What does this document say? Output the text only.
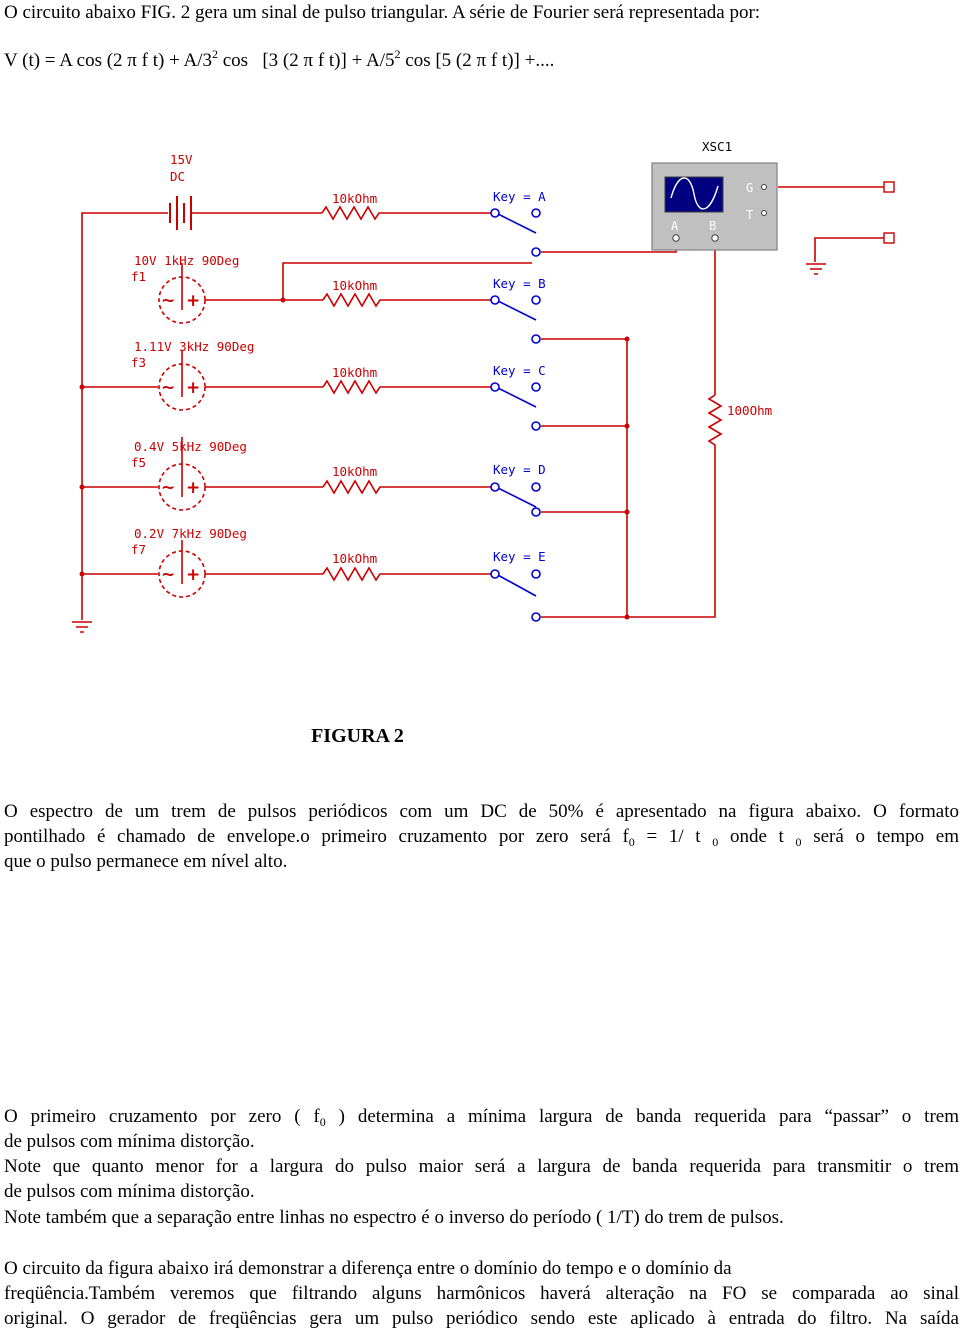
O circuito abaixo FIG. 2 gera um sinal de pulso triangular. A série de Fourier será representada por:
V (t) = A cos (2 π f $t) + A/3^2$ cos   [3 (2 π f $t)] + A/5^2$ cos [5 (2 π f t)] +....
15V
DC
10kOhm
10kOhm
10kOhm
10kOhm
10kOhm
100Ohm
Key = A
Key = B
Key = C
Key = D
Key = E
~ +
~ +
~ +
~ +
10V 1kHz 90Deg
f1
1.11V 3kHz 90Deg
f3
0.4V 5kHz 90Deg
f5
0.2V 7kHz 90Deg
f7
XSC1
G
T
A	B
FIGURA 2
O espectro de um trem de pulsos periódicos com um DC de 50% é apresentado na figura abaixo. O formato
pontilhado é chamado de envelope.o primeiro cruzamento por zero será $f_0 = 1/$ t $_0$ onde t $_0$ será o tempo em
que o pulso permanece em nível alto.
O primeiro cruzamento por zero ( $f_0$ ) determina a mínima largura de banda requerida para “passar” o trem
de pulsos com mínima distorção.
Note que quanto menor for a largura do pulso maior será a largura de banda requerida para transmitir o trem
de pulsos com mínima distorção.
Note também que a separação entre linhas no espectro é o inverso do período ( 1/T) do trem de pulsos.
O circuito da figura abaixo irá demonstrar a diferença entre o domínio do tempo e o domínio da
freqüência.Também veremos que filtrando alguns harmônicos haverá alteração na FO se comparada ao sinal
original. O gerador de freqüências gera um pulso periódico sendo este aplicado à entrada do filtro. Na saída
